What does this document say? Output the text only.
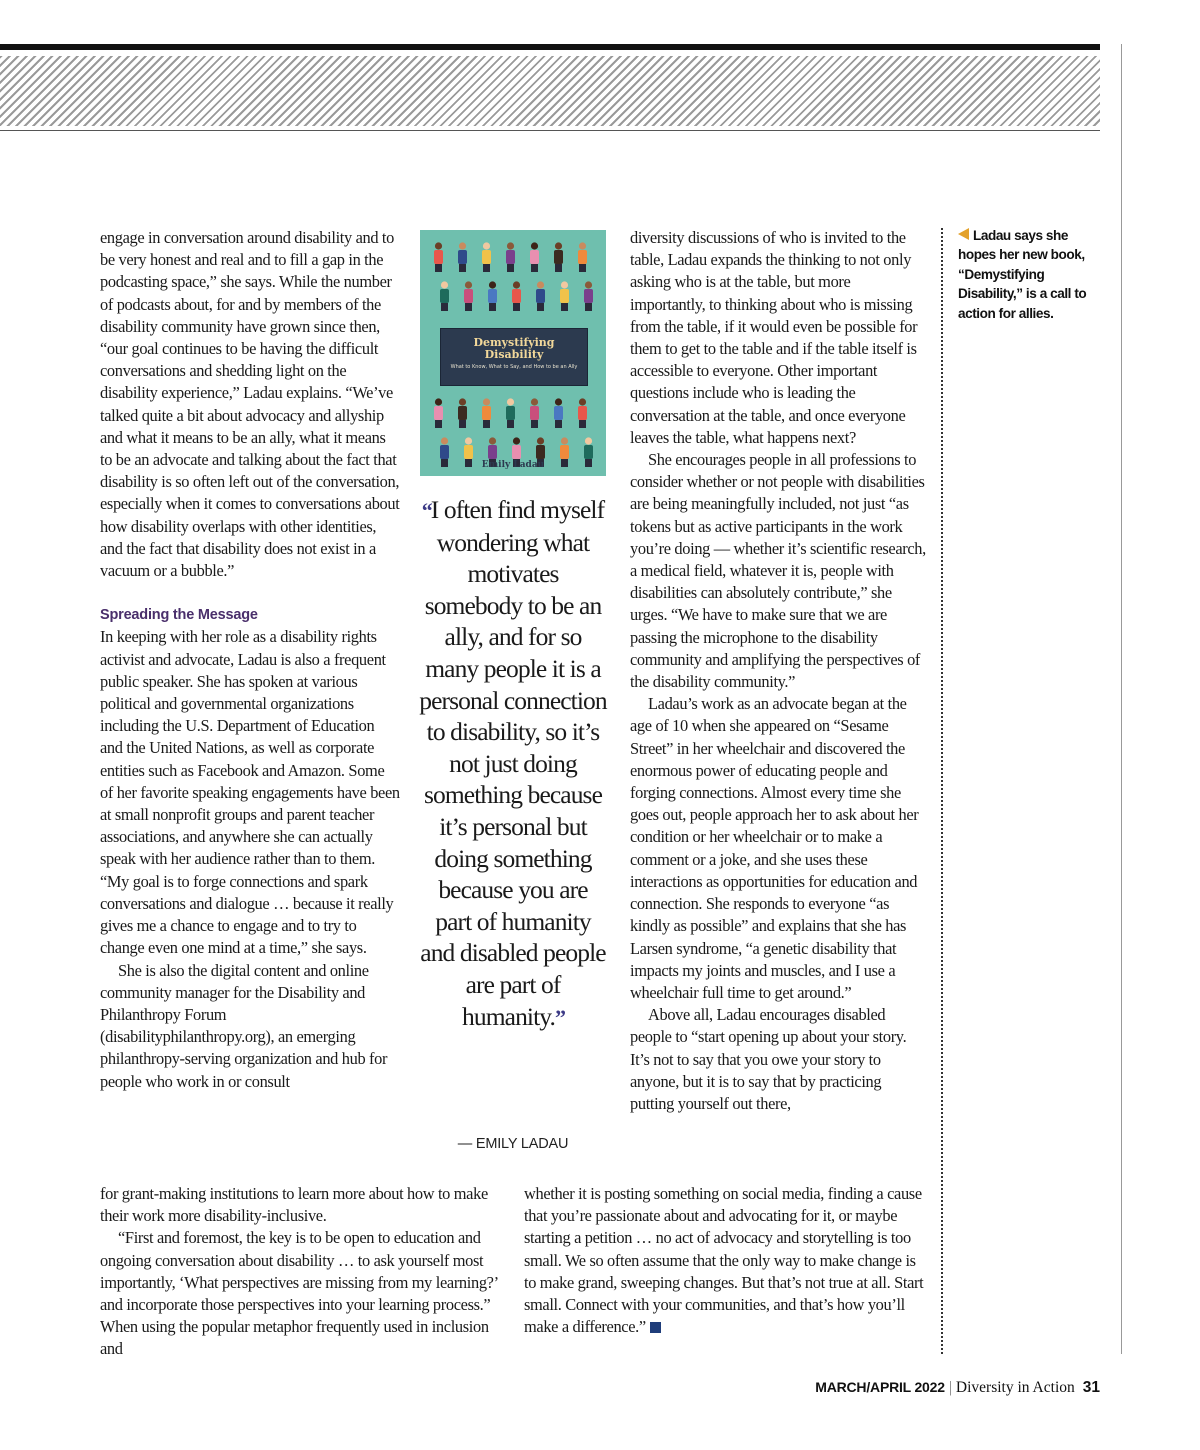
engage in conversation around disability and to be very honest and real and to fill a gap in the podcasting space,” she says. While the number of podcasts about, for and by members of the disability community have grown since then, “our goal continues to be having the difficult conversations and shedding light on the disability experience,” Ladau explains. “We’ve talked quite a bit about advocacy and allyship and what it means to be an ally, what it means to be an advocate and talking about the fact that disability is so often left out of the conversation, especially when it comes to conversations about how disability overlaps with other identities, and the fact that disability does not exist in a vacuum or a bubble.”

Spreading the Message

In keeping with her role as a disability rights activist and advocate, Ladau is also a frequent public speaker. She has spoken at various political and governmental organizations including the U.S. Department of Education and the United Nations, as well as corporate entities such as Facebook and Amazon. Some of her favorite speaking engagements have been at small nonprofit groups and parent teacher associations, and anywhere she can actually speak with her audience rather than to them. “My goal is to forge connections and spark conversations and dialogue … because it really gives me a chance to engage and to try to change even one mind at a time,” she says.

She is also the digital content and online community manager for the Disability and Philanthropy Forum (disabilityphilanthropy.org), an emerging philanthropy-serving organization and hub for people who work in or consult

for grant-making institutions to learn more about how to make their work more disability-inclusive.

“First and foremost, the key is to be open to education and ongoing conversation about disability … to ask yourself most importantly, ‘What perspectives are missing from my learning?’ and incorporate those perspectives into your learning process.” When using the popular metaphor frequently used in inclusion and

Demystifying
Disability
What to Know, What to Say, and How to be an Ally
Emily Ladau

“I often find myself wondering what motivates somebody to be an ally, and for so many people it is a personal connection to disability, so it’s not just doing something because it’s personal but doing something because you are part of humanity and disabled people are part of humanity.”

— EMILY LADAU

diversity discussions of who is invited to the table, Ladau expands the thinking to not only asking who is at the table, but more importantly, to thinking about who is missing from the table, if it would even be possible for them to get to the table and if the table itself is accessible to everyone. Other important questions include who is leading the conversation at the table, and once everyone leaves the table, what happens next?

She encourages people in all professions to consider whether or not people with disabilities are being meaningfully included, not just “as tokens but as active participants in the work you’re doing — whether it’s scientific research, a medical field, whatever it is, people with disabilities can absolutely contribute,” she urges. “We have to make sure that we are passing the microphone to the disability community and amplifying the perspectives of the disability community.”

Ladau’s work as an advocate began at the age of 10 when she appeared on “Sesame Street” in her wheelchair and discovered the enormous power of educating people and forging connections. Almost every time she goes out, people approach her to ask about her condition or her wheelchair or to make a comment or a joke, and she uses these interactions as opportunities for education and connection. She responds to everyone “as kindly as possible” and explains that she has Larsen syndrome, “a genetic disability that impacts my joints and muscles, and I use a wheelchair full time to get around.”

Above all, Ladau encourages disabled people to “start opening up about your story. It’s not to say that you owe your story to anyone, but it is to say that by practicing putting yourself out there,

whether it is posting something on social media, finding a cause that you’re passionate about and advocating for it, or maybe starting a petition … no act of advocacy and storytelling is too small. We so often assume that the only way to make change is to make grand, sweeping changes. But that’s not true at all. Start small. Connect with your communities, and that’s how you’ll make a difference.”

Ladau says she hopes her new book, “Demystifying Disability,” is a call to action for allies.

MARCH/APRIL 2022 | Diversity in Action 31
